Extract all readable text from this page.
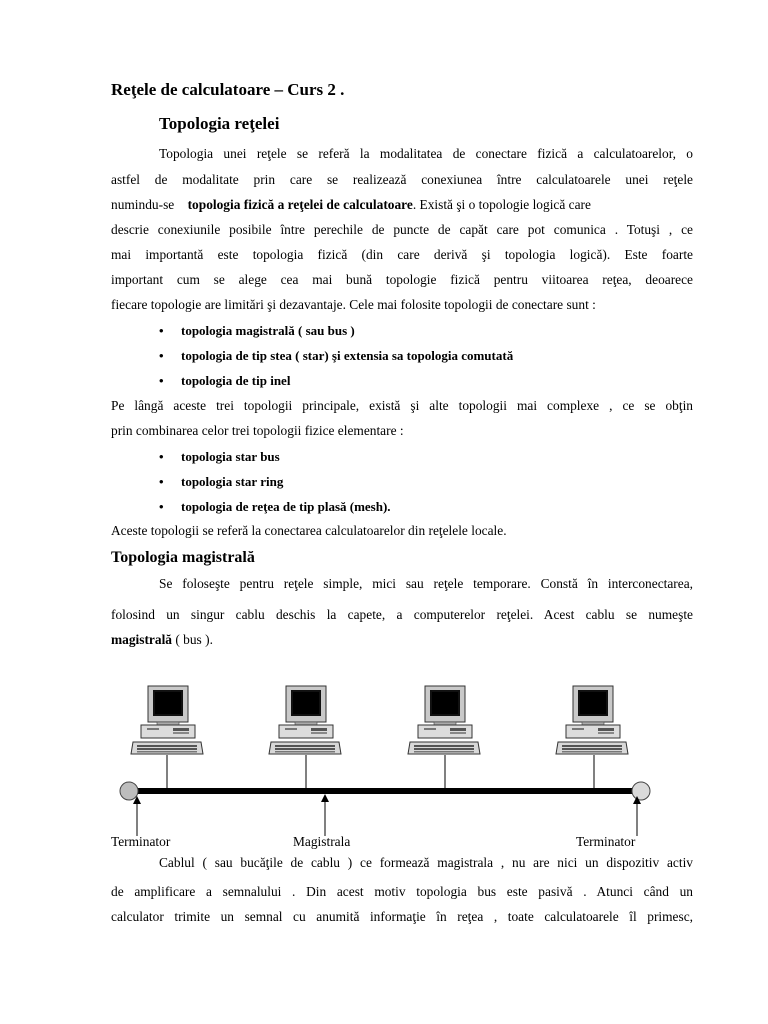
Reţele de calculatoare – Curs 2 .
Topologia reţelei
Topologia unei reţele se referă la modalitatea de conectare fizică a calculatoarelor, o
astfel de modalitate prin care se realizează conexiunea între calculatoarele unei reţele
numindu-se topologia fizică a reţelei de calculatoare. Există şi o topologie logică care
descrie conexiunile posibile între perechile de puncte de capăt care pot comunica . Totuşi , ce
mai importantă este topologia fizică (din care derivă şi topologia logică). Este foarte
important cum se alege cea mai bună topologie fizică pentru viitoarea reţea, deoarece
fiecare topologie are limitări şi dezavantaje. Cele mai folosite topologii de conectare sunt :
• topologia magistrală ( sau bus )
• topologia de tip stea ( star) şi extensia sa topologia comutată
• topologia de tip inel
Pe lângă aceste trei topologii principale, există şi alte topologii mai complexe , ce se obţin
prin combinarea celor trei topologii fizice elementare :
• topologia star bus
• topologia star ring
• topologia de reţea de tip plasă (mesh).
Aceste topologii se referă la conectarea calculatoarelor din reţelele locale.
Topologia magistrală
Se foloseşte pentru reţele simple, mici sau reţele temporare. Constă în interconectarea,
folosind un singur cablu deschis la capete, a computerelor reţelei. Acest cablu se numeşte
magistrală ( bus ).
Terminator	Magistrala	Terminator
Cablul ( sau bucăţile de cablu ) ce formează magistrala , nu are nici un dispozitiv activ
de amplificare a semnalului . Din acest motiv topologia bus este pasivă . Atunci când un
calculator trimite un semnal cu anumită informaţie în reţea , toate calculatoarele îl primesc,
